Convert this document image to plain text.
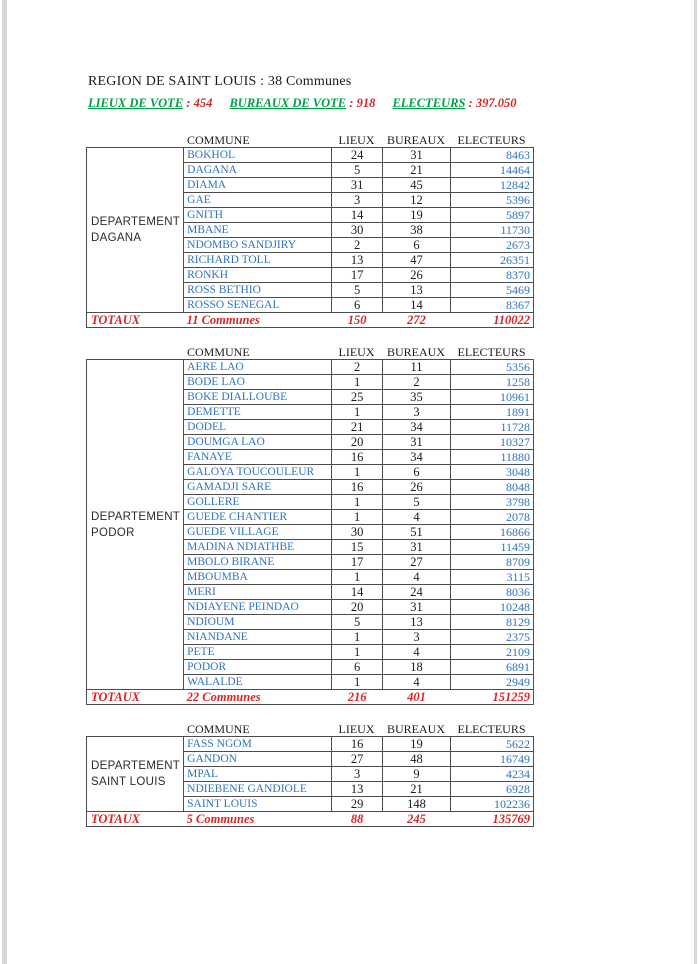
REGION DE SAINT LOUIS : 38 Communes
LIEUX DE VOTE : 454 BUREAUX DE VOTE : 918 ELECTEURS : 397.050
COMMUNE	LIEUX	BUREAUX	ELECTEURS
DEPARTEMENT
DAGANA	BOKHOL	24	31	8463
	DAGANA	5	21	14464
	DIAMA	31	45	12842
	GAE	3	12	5396
	GNITH	14	19	5897
	MBANE	30	38	11730
	NDOMBO SANDJIRY	2	6	2673
	RICHARD TOLL	13	47	26351
	RONKH	17	26	8370
	ROSS BETHIO	5	13	5469
	ROSSO SENEGAL	6	14	8367
TOTAUX	11 Communes	150	272	110022
COMMUNE	LIEUX	BUREAUX	ELECTEURS
DEPARTEMENT
PODOR	AERE LAO	2	11	5356
	BODE LAO	1	2	1258
	BOKE DIALLOUBE	25	35	10961
	DEMETTE	1	3	1891
	DODEL	21	34	11728
	DOUMGA LAO	20	31	10327
	FANAYE	16	34	11880
	GALOYA TOUCOULEUR	1	6	3048
	GAMADJI SARE	16	26	8048
	GOLLERE	1	5	3798
	GUEDE CHANTIER	1	4	2078
	GUEDE VILLAGE	30	51	16866
	MADINA NDIATHBE	15	31	11459
	MBOLO BIRANE	17	27	8709
	MBOUMBA	1	4	3115
	MERI	14	24	8036
	NDIAYENE PEINDAO	20	31	10248
	NDIOUM	5	13	8129
	NIANDANE	1	3	2375
	PETE	1	4	2109
	PODOR	6	18	6891
	WALALDE	1	4	2949
TOTAUX	22 Communes	216	401	151259
COMMUNE	LIEUX	BUREAUX	ELECTEURS
DEPARTEMENT
SAINT LOUIS	FASS NGOM	16	19	5622
	GANDON	27	48	16749
	MPAL	3	9	4234
	NDIEBENE GANDIOLE	13	21	6928
	SAINT LOUIS	29	148	102236
TOTAUX	5 Communes	88	245	135769
